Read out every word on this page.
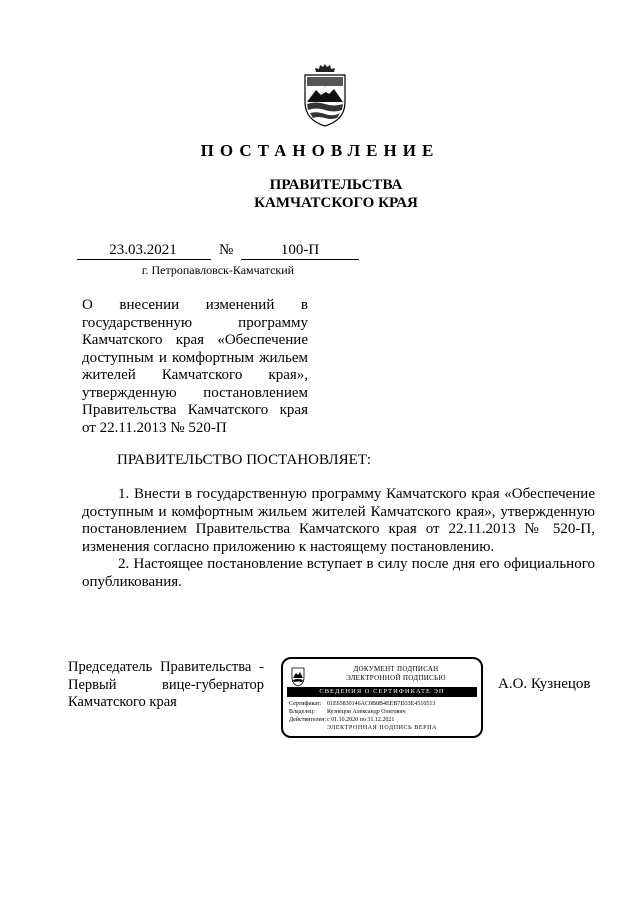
ПОСТАНОВЛЕНИЕ
ПРАВИТЕЛЬСТВА
КАМЧАТСКОГО КРАЯ
23.03.2021	№	100-П
г. Петропавловск-Камчатский
О внесении изменений в государственную программу Камчатского края «Обеспечение доступным и комфортным жильем жителей Камчатского края», утвержденную постановлением Правительства Камчатского края от 22.11.2013 № 520-П
ПРАВИТЕЛЬСТВО ПОСТАНОВЛЯЕТ:

1. Внести в государственную программу Камчатского края «Обеспечение доступным и комфортным жильем жителей Камчатского края», утвержденную постановлением Правительства Камчатского края от 22.11.2013 № 520-П, изменения согласно приложению к настоящему постановлению.

2. Настоящее постановление вступает в силу после дня его официального опубликования.

Председатель Правительства - Первый вице-губернатор Камчатского края
ДОКУМЕНТ ПОДПИСАН
ЭЛЕКТРОННОЙ ПОДПИСЬЮ
СВЕДЕНИЯ О СЕРТИФИКАТЕ ЭП
Сертификат: 01E65830146AC0B8B4EEB7D33E4510513
Владелец: Кузнецов Александр Олегович
Действителен: с 01.10.2020 по 31.12.2021
ЭЛЕКТРОННАЯ ПОДПИСЬ ВЕРНА
А.О. Кузнецов
